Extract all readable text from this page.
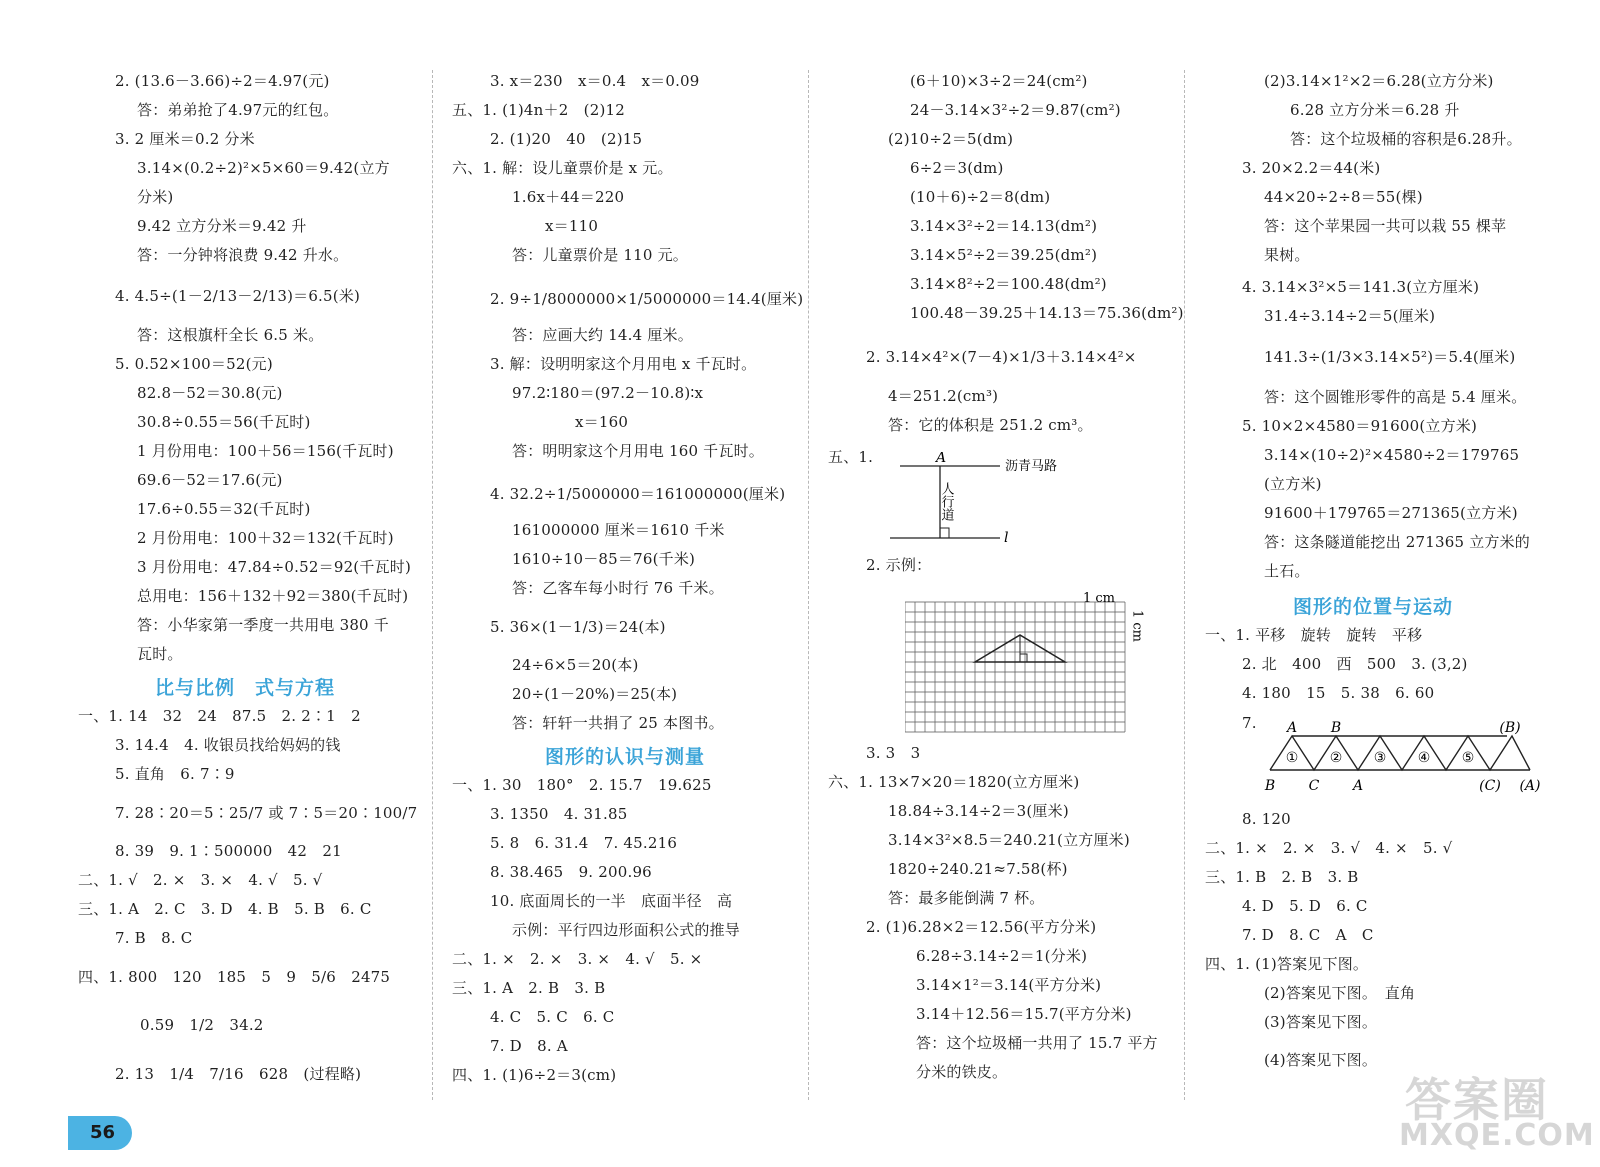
2. (13.6－3.66)÷2＝4.97(元)
答：弟弟抢了4.97元的红包。
3. 2 厘米＝0.2 分米
3.14×(0.2÷2)²×5×60＝9.42(立方
分米)
9.42 立方分米＝9.42 升
答：一分钟将浪费 9.42 升水。
4. 4.5÷(1－2/13－2/13)＝6.5(米)
答：这根旗杆全长 6.5 米。
5. 0.52×100＝52(元)
82.8－52＝30.8(元)
30.8÷0.55＝56(千瓦时)
1 月份用电：100＋56＝156(千瓦时)
69.6－52＝17.6(元)
17.6÷0.55＝32(千瓦时)
2 月份用电：100＋32＝132(千瓦时)
3 月份用电：47.84÷0.52＝92(千瓦时)
总用电：156＋132＋92＝380(千瓦时)
答：小华家第一季度一共用电 380 千
瓦时。
比与比例　式与方程
一、1. 14　32　24　87.5　2. 2∶1　2
3. 14.4　4. 收银员找给妈妈的钱
5. 直角　6. 7∶9
7. 28∶20＝5∶25/7 或 7∶5＝20∶100/7
8. 39　9. 1∶500000　42　21
二、1. √　2. ×　3. ×　4. √　5. √
三、1. A　2. C　3. D　4. B　5. B　6. C
7. B　8. C
四、1. 800　120　185　5　9　5/6　2475
0.59　1/2　34.2
2. 13　1/4　7/16　628　(过程略)
3. x＝230　x＝0.4　x＝0.09
五、1. (1)4n＋2　(2)12
2. (1)20　40　(2)15
六、1. 解：设儿童票价是 x 元。
1.6x＋44＝220
x＝110
答：儿童票价是 110 元。
2. 9÷1/8000000×1/5000000＝14.4(厘米)
答：应画大约 14.4 厘米。
3. 解：设明明家这个月用电 x 千瓦时。
97.2∶180＝(97.2－10.8)∶x
x＝160
答：明明家这个月用电 160 千瓦时。
4. 32.2÷1/5000000＝161000000(厘米)
161000000 厘米＝1610 千米
1610÷10－85＝76(千米)
答：乙客车每小时行 76 千米。
5. 36×(1－1/3)＝24(本)
24÷6×5＝20(本)
20÷(1－20%)＝25(本)
答：轩轩一共捐了 25 本图书。
图形的认识与测量
一、1. 30　180°　2. 15.7　19.625
3. 1350　4. 31.85
5. 8　6. 31.4　7. 45.216
8. 38.465　9. 200.96
10. 底面周长的一半　底面半径　高
示例：平行四边形面积公式的推导
二、1. ×　2. ×　3. ×　4. √　5. ×
三、1. A　2. B　3. B
4. C　5. C　6. C
7. D　8. A
四、1. (1)6÷2＝3(cm)
(6＋10)×3÷2＝24(cm²)
24－3.14×3²÷2＝9.87(cm²)
(2)10÷2＝5(dm)
6÷2＝3(dm)
(10＋6)÷2＝8(dm)
3.14×3²÷2＝14.13(dm²)
3.14×5²÷2＝39.25(dm²)
3.14×8²÷2＝100.48(dm²)
100.48－39.25＋14.13＝75.36(dm²)
2. 3.14×4²×(7－4)×1/3＋3.14×4²×
4＝251.2(cm³)
答：它的体积是 251.2 cm³。
五、1.	A
沥青马路
l
人行道
2. 示例：
1 cm
1 cm
3. 3　3
六、1. 13×7×20＝1820(立方厘米)
18.84÷3.14÷2＝3(厘米)
3.14×3²×8.5＝240.21(立方厘米)
1820÷240.21≈7.58(杯)
答：最多能倒满 7 杯。
2. (1)6.28×2＝12.56(平方分米)
6.28÷3.14÷2＝1(分米)
3.14×1²＝3.14(平方分米)
3.14＋12.56＝15.7(平方分米)
答：这个垃圾桶一共用了 15.7 平方
分米的铁皮。
(2)3.14×1²×2＝6.28(立方分米)
6.28 立方分米＝6.28 升
答：这个垃圾桶的容积是6.28升。
3. 20×2.2＝44(米)
44×20÷2÷8＝55(棵)
答：这个苹果园一共可以栽 55 棵苹
果树。
4. 3.14×3²×5＝141.3(立方厘米)
31.4÷3.14÷2＝5(厘米)
141.3÷(1/3×3.14×5²)＝5.4(厘米)
答：这个圆锥形零件的高是 5.4 厘米。
5. 10×2×4580＝91600(立方米)
3.14×(10÷2)²×4580÷2＝179765
(立方米)
91600＋179765＝271365(立方米)
答：这条隧道能挖出 271365 立方米的
土石。
图形的位置与运动
一、1. 平移　旋转　旋转　平移
2. 北　400　西　500　3. (3,2)
4. 180　15　5. 38　6. 60
7. A B	(B)
B C A	(C) (A)
① ② ③ ④ ⑤
8. 120
二、1. ×　2. ×　3. √　4. ×　5. √
三、1. B　2. B　3. B
4. D　5. D　6. C
7. D　8. C　A　C
四、1. (1)答案见下图。
(2)答案见下图。　直角
(3)答案见下图。
(4)答案见下图。
56
答案圈
MXQE.COM
